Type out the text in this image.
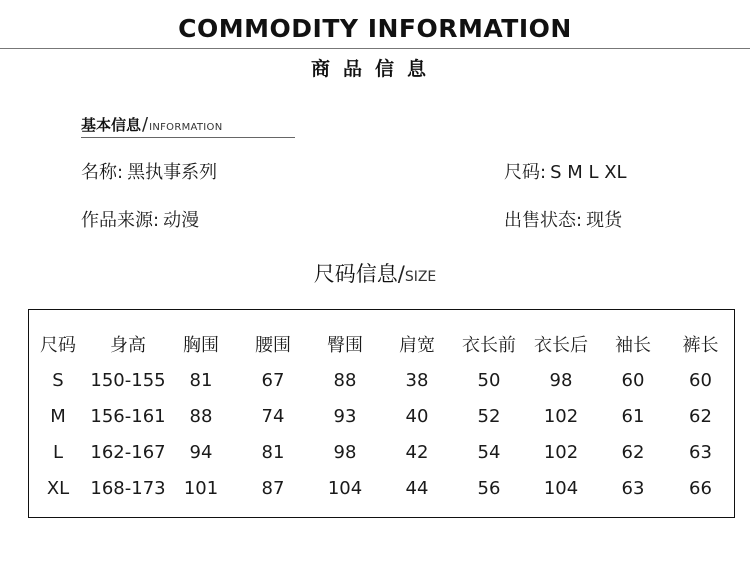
COMMODITY INFORMATION
商品信息
基本信息/INFORMATION
名称: 黑执事系列	尺码: S M L XL
作品来源: 动漫	出售状态: 现货
尺码信息/SIZE
尺码	身高	胸围	腰围	臀围	肩宽	衣长前	衣长后	袖长	裤长
S	150-155	81	67	88	38	50	98	60	60
M	156-161	88	74	93	40	52	102	61	62
L	162-167	94	81	98	42	54	102	62	63
XL	168-173	101	87	104	44	56	104	63	66
